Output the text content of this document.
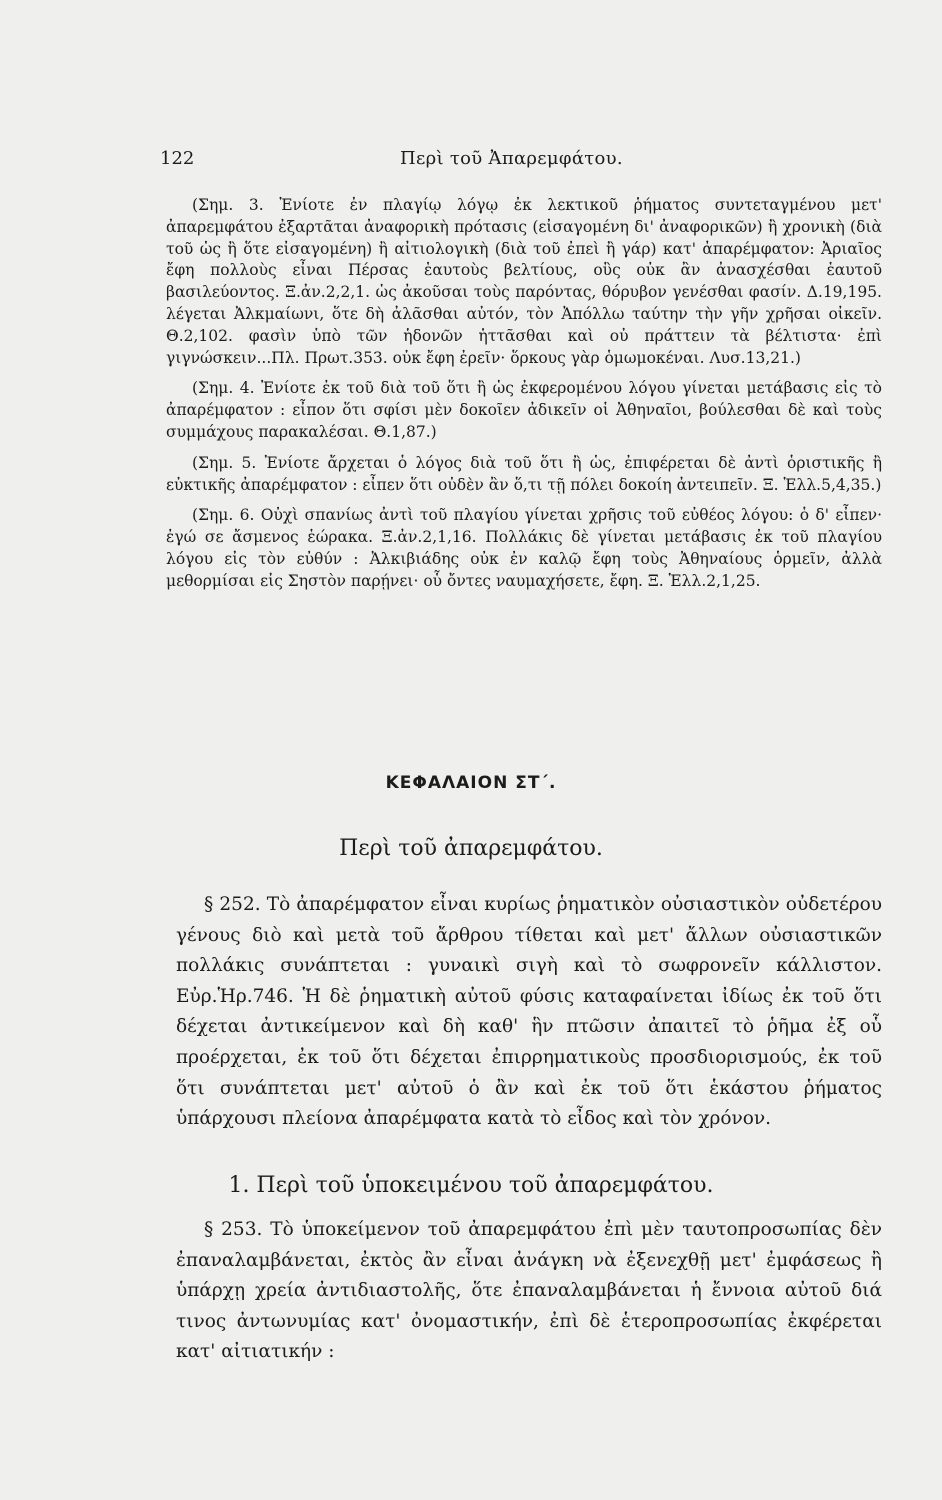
122	Περὶ τοῦ Ἀπαρεμφάτου.

(Σημ. 3. Ἐνίοτε ἐν πλαγίῳ λόγῳ ἐκ λεκτικοῦ ῥήματος συντεταγμένου μετ' ἀπαρεμφάτου ἐξαρτᾶται ἀναφορικὴ πρότασις (εἰσαγομένη δι' ἀναφορικῶν) ἢ χρονικὴ (διὰ τοῦ ὡς ἢ ὅτε εἰσαγομένη) ἢ αἰτιολογικὴ (διὰ τοῦ ἐπεὶ ἢ γάρ) κατ' ἀπαρέμφατον: Ἀριαῖος ἔφη πολλοὺς εἶναι Πέρσας ἑαυτοὺς βελτίους, οὓς οὐκ ἂν ἀνασχέσθαι ἑαυτοῦ βασιλεύοντος. Ξ.ἀν.2,2,1. ὡς ἀκοῦσαι τοὺς παρόντας, θόρυβον γενέσθαι φασίν. Δ.19,195. λέγεται Ἀλκμαίωνι, ὅτε δὴ ἀλᾶσθαι αὐτόν, τὸν Ἀπόλλω ταύτην τὴν γῆν χρῆσαι οἰκεῖν. Θ.2,102. φασὶν ὑπὸ τῶν ἡδονῶν ἡττᾶσθαι καὶ οὐ πράττειν τὰ βέλτιστα· ἐπὶ γιγνώσκειν...Πλ. Πρωτ.353. οὐκ ἔφη ἐρεῖν· ὅρκους γὰρ ὁμωμοκέναι. Λυσ.13,21.)

(Σημ. 4. Ἐνίοτε ἐκ τοῦ διὰ τοῦ ὅτι ἢ ὡς ἐκφερομένου λόγου γίνεται μετάβασις εἰς τὸ ἀπαρέμφατον : εἶπον ὅτι σφίσι μὲν δοκοῖεν ἀδικεῖν οἱ Ἀθηναῖοι, βούλεσθαι δὲ καὶ τοὺς συμμάχους παρακαλέσαι. Θ.1,87.)

(Σημ. 5. Ἐνίοτε ἄρχεται ὁ λόγος διὰ τοῦ ὅτι ἢ ὡς, ἐπιφέρεται δὲ ἀντὶ ὁριστικῆς ἢ εὐκτικῆς ἀπαρέμφατον : εἶπεν ὅτι οὐδὲν ἂν ὅ,τι τῇ πόλει δοκοίη ἀντειπεῖν. Ξ. Ἑλλ.5,4,35.)

(Σημ. 6. Οὐχὶ σπανίως ἀντὶ τοῦ πλαγίου γίνεται χρῆσις τοῦ εὐθέος λόγου: ὁ δ' εἶπεν· ἐγώ σε ἄσμενος ἑώρακα. Ξ.ἀν.2,1,16. Πολλάκις δὲ γίνεται μετάβασις ἐκ τοῦ πλαγίου λόγου εἰς τὸν εὐθύν : Ἀλκιβιάδης οὐκ ἐν καλῷ ἔφη τοὺς Ἀθηναίους ὁρμεῖν, ἀλλὰ μεθορμίσαι εἰς Σηστὸν παρῄνει· οὗ ὄντες ναυμαχήσετε, ἔφη. Ξ. Ἑλλ.2,1,25.

ΚΕΦΑΛΑΙΟΝ ΣΤ΄.
Περὶ τοῦ ἀπαρεμφάτου.

§ 252. Τὸ ἀπαρέμφατον εἶναι κυρίως ῥηματικὸν οὐσιαστικὸν οὐδετέρου γένους διὸ καὶ μετὰ τοῦ ἄρθρου τίθεται καὶ μετ' ἄλλων οὐσιαστικῶν πολλάκις συνάπτεται : γυναικὶ σιγὴ καὶ τὸ σωφρονεῖν κάλλιστον. Εὐρ.Ἡρ.746. Ἡ δὲ ῥηματικὴ αὐτοῦ φύσις καταφαίνεται ἰδίως ἐκ τοῦ ὅτι δέχεται ἀντικείμενον καὶ δὴ καθ' ἣν πτῶσιν ἀπαιτεῖ τὸ ῥῆμα ἐξ οὗ προέρχεται, ἐκ τοῦ ὅτι δέχεται ἐπιρρηματικοὺς προσδιορισμούς, ἐκ τοῦ ὅτι συνάπτεται μετ' αὐτοῦ ὁ ἂν καὶ ἐκ τοῦ ὅτι ἑκάστου ῥήματος ὑπάρχουσι πλείονα ἀπαρέμφατα κατὰ τὸ εἶδος καὶ τὸν χρόνον.

1. Περὶ τοῦ ὑποκειμένου τοῦ ἀπαρεμφάτου.

§ 253. Τὸ ὑποκείμενον τοῦ ἀπαρεμφάτου ἐπὶ μὲν ταυτοπροσωπίας δὲν ἐπαναλαμβάνεται, ἐκτὸς ἂν εἶναι ἀνάγκη νὰ ἐξενεχθῇ μετ' ἐμφάσεως ἢ ὑπάρχῃ χρεία ἀντιδιαστολῆς, ὅτε ἐπαναλαμβάνεται ἡ ἔννοια αὐτοῦ διά τινος ἀντωνυμίας κατ' ὀνομαστικήν, ἐπὶ δὲ ἑτεροπροσωπίας ἐκφέρεται κατ' αἰτιατικήν :
